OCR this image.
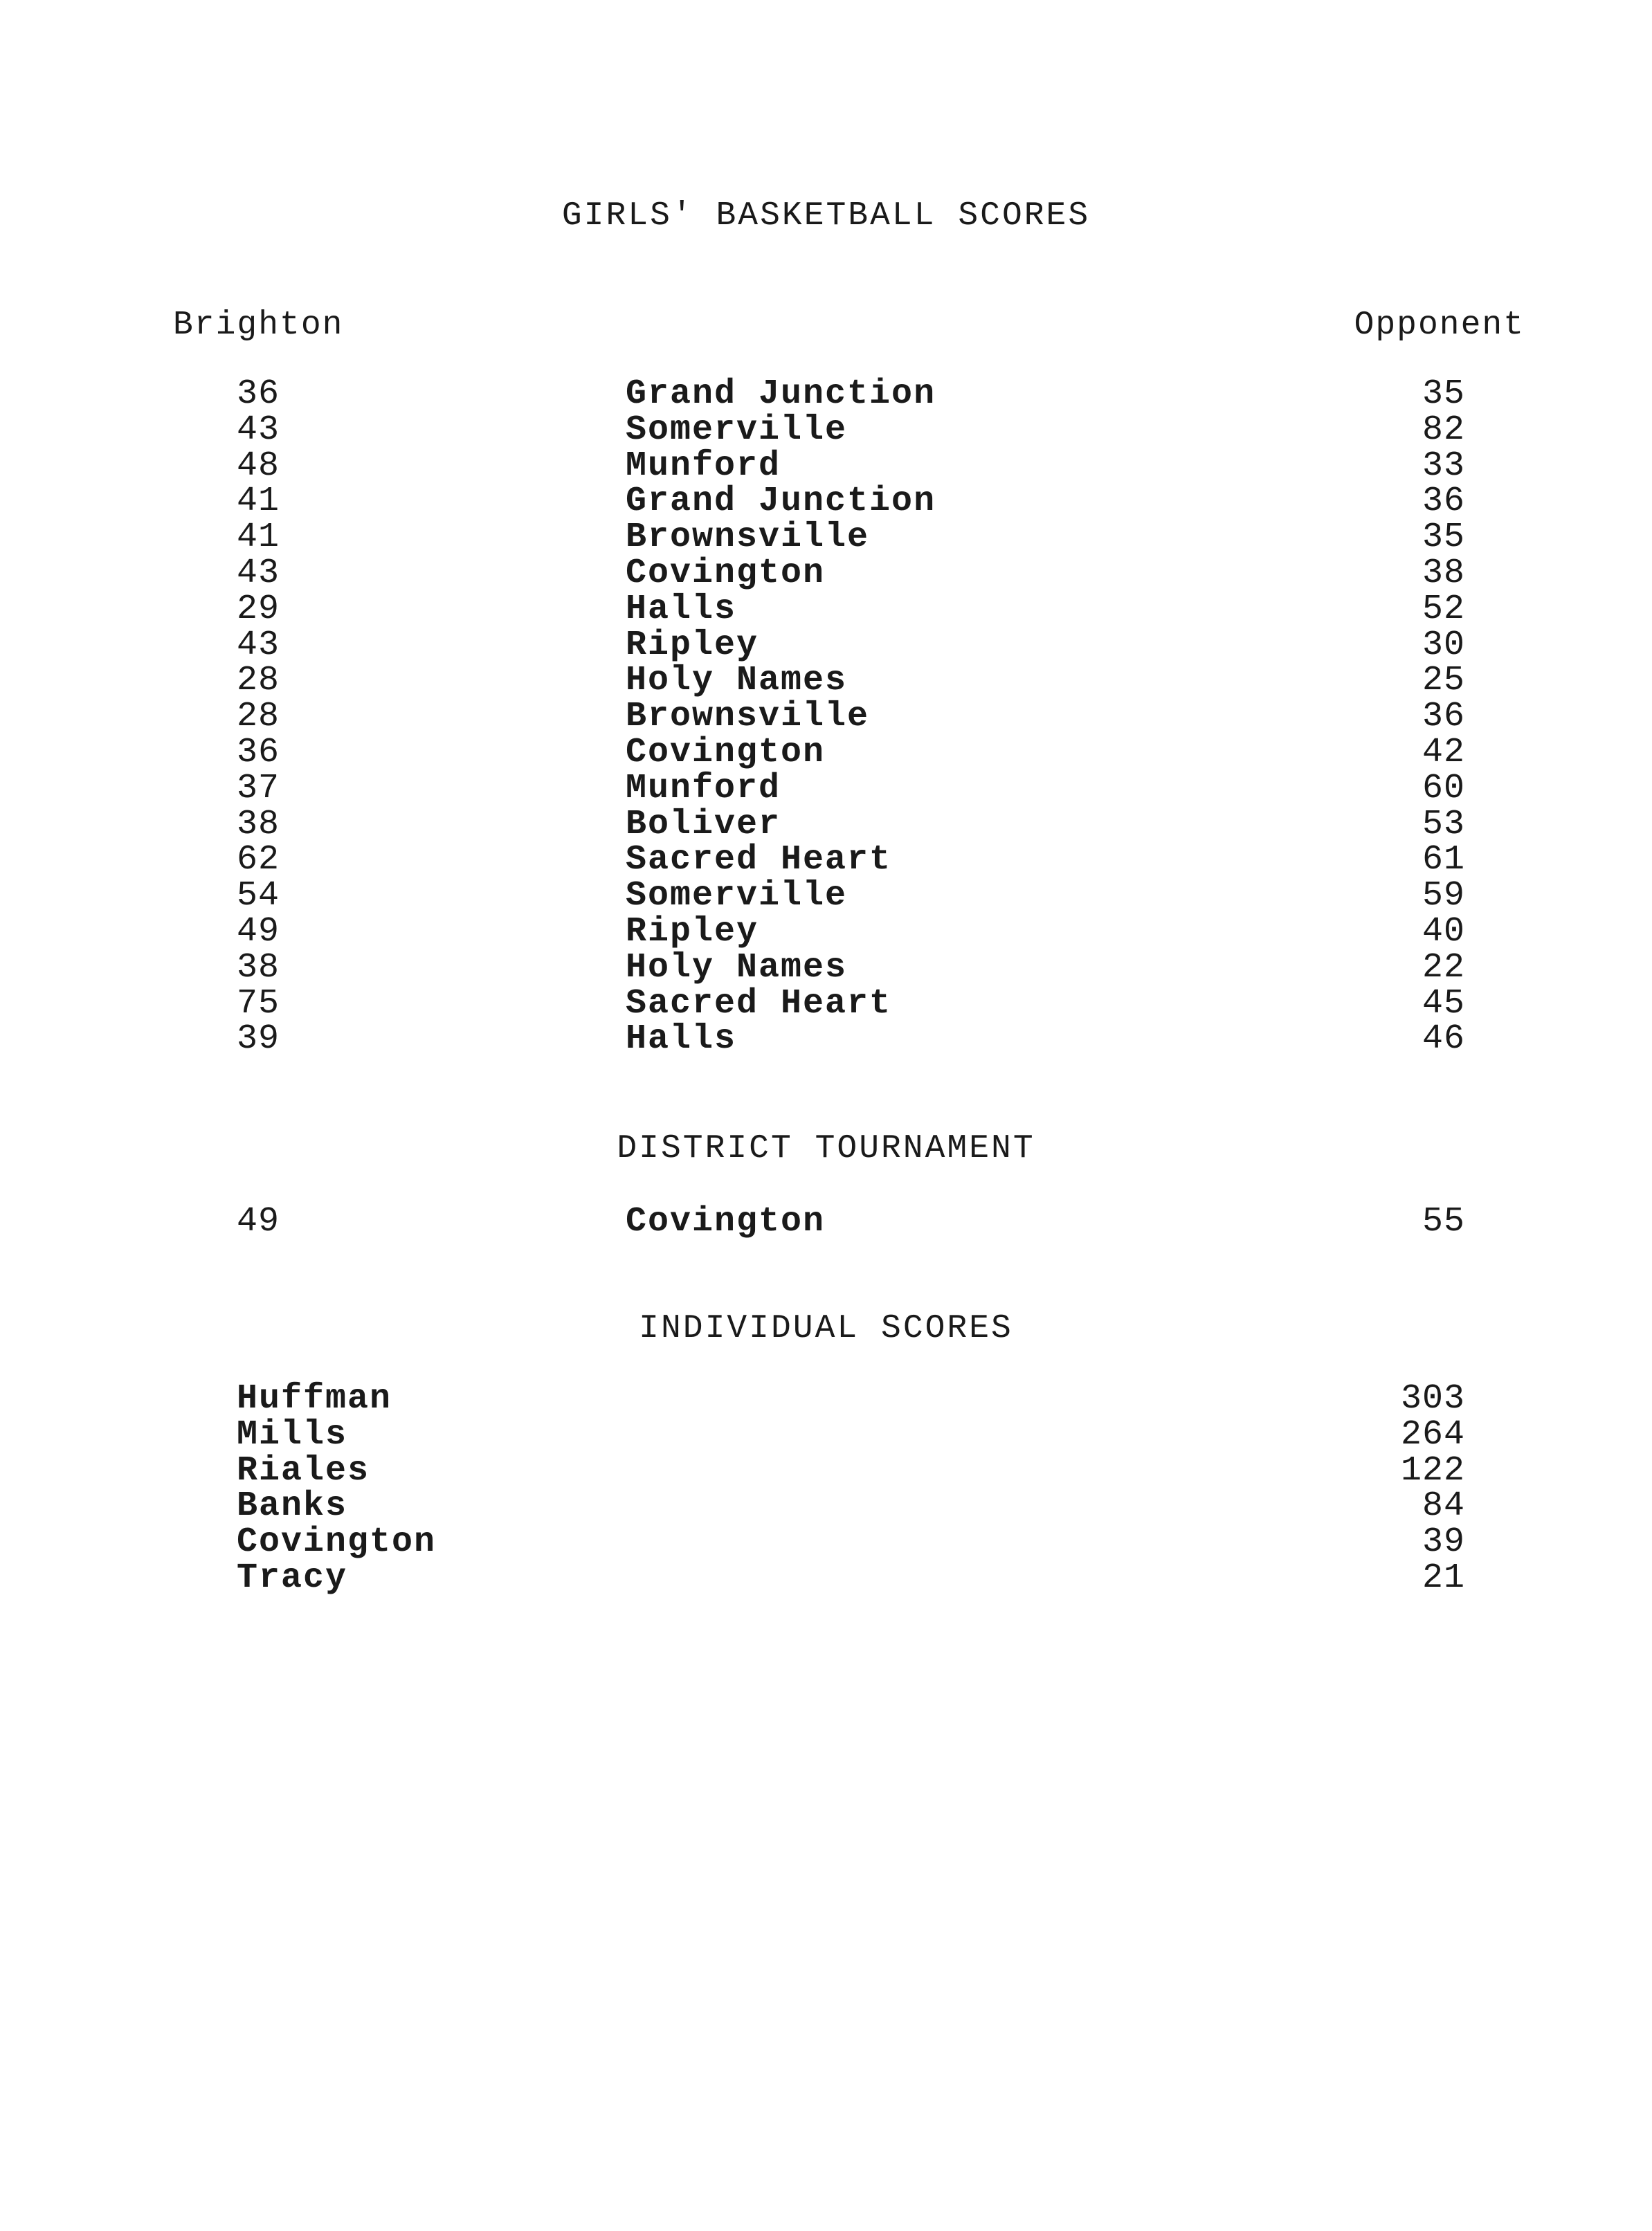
GIRLS' BASKETBALL SCORES
Brighton	Opponent
36	Grand Junction	35
43	Somerville	82
48	Munford	33
41	Grand Junction	36
41	Brownsville	35
43	Covington	38
29	Halls	52
43	Ripley	30
28	Holy Names	25
28	Brownsville	36
36	Covington	42
37	Munford	60
38	Boliver	53
62	Sacred Heart	61
54	Somerville	59
49	Ripley	40
38	Holy Names	22
75	Sacred Heart	45
39	Halls	46
DISTRICT TOURNAMENT
49	Covington	55
INDIVIDUAL SCORES
Huffman	303
Mills	264
Riales	122
Banks	84
Covington	39
Tracy	21
